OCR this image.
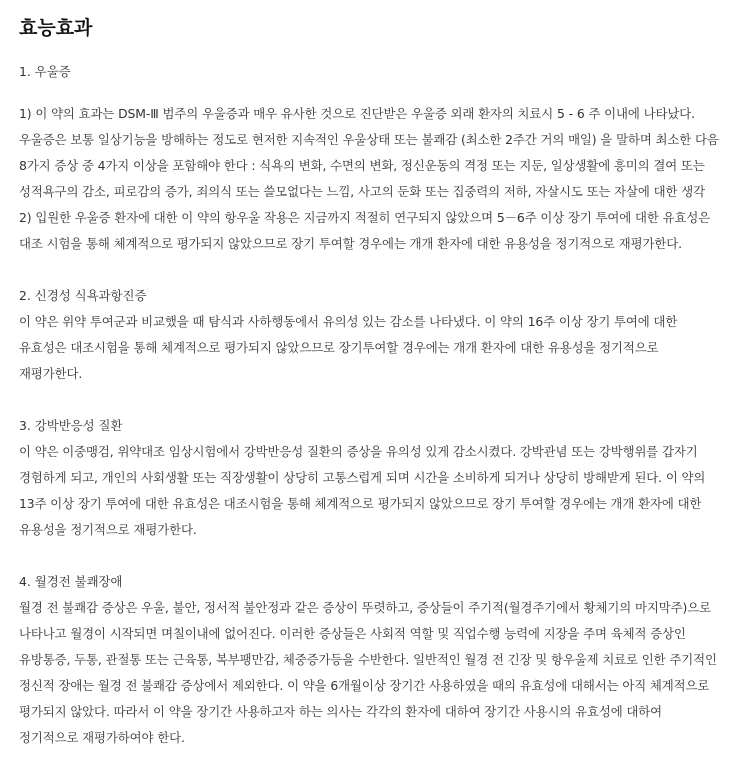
효능효과

1. 우울증

1) 이 약의 효과는 DSM-Ⅲ 범주의 우울증과 매우 유사한 것으로 진단받은 우울증 외래 환자의 치료시 5 - 6 주 이내에 나타났다. 우울증은 보통 일상기능을 방해하는 정도로 현저한 지속적인 우울상태 또는 불쾌감 (최소한 2주간 거의 매일) 을 말하며 최소한 다음 8가지 증상 중 4가지 이상을 포함해야 한다 : 식욕의 변화, 수면의 변화, 정신운동의 격정 또는 지둔, 일상생활에 흥미의 결여 또는 성적욕구의 감소, 피로감의 증가, 죄의식 또는 쓸모없다는 느낌, 사고의 둔화 또는 집중력의 저하, 자살시도 또는 자살에 대한 생각

2) 입원한 우울증 환자에 대한 이 약의 항우울 작용은 지금까지 적절히 연구되지 않았으며 5－6주 이상 장기 투여에 대한 유효성은 대조 시험을 통해 체계적으로 평가되지 않았으므로 장기 투여할 경우에는 개개 환자에 대한 유용성을 정기적으로 재평가한다.

2. 신경성 식욕과항진증

이 약은 위약 투여군과 비교했을 때 탐식과 사하행동에서 유의성 있는 감소를 나타냈다. 이 약의 16주 이상 장기 투여에 대한 유효성은 대조시험을 통해 체계적으로 평가되지 않았으므로 장기투여할 경우에는 개개 환자에 대한 유용성을 정기적으로 재평가한다.

3. 강박반응성 질환

이 약은 이중맹검, 위약대조 임상시험에서 강박반응성 질환의 증상을 유의성 있게 감소시켰다. 강박관념 또는 강박행위를 갑자기 경험하게 되고, 개인의 사회생활 또는 직장생활이 상당히 고통스럽게 되며 시간을 소비하게 되거나 상당히 방해받게 된다. 이 약의 13주 이상 장기 투여에 대한 유효성은 대조시험을 통해 체계적으로 평가되지 않았으므로 장기 투여할 경우에는 개개 환자에 대한 유용성을 정기적으로 재평가한다.

4. 월경전 불쾌장애

월경 전 불쾌감 증상은 우울, 불안, 정서적 불안정과 같은 증상이 뚜렷하고, 증상들이 주기적(월경주기에서 황체기의 마지막주)으로 나타나고 월경이 시작되면 며칠이내에 없어진다. 이러한 증상들은 사회적 역할 및 직업수행 능력에 지장을 주며 육체적 증상인 유방통증, 두통, 관절통 또는 근육통, 복부팽만감, 체중증가등을 수반한다. 일반적인 월경 전 긴장 및 항우울제 치료로 인한 주기적인 정신적 장애는 월경 전 불쾌감 증상에서 제외한다. 이 약을 6개월이상 장기간 사용하였을 때의 유효성에 대해서는 아직 체계적으로 평가되지 않았다. 따라서 이 약을 장기간 사용하고자 하는 의사는 각각의 환자에 대하여 장기간 사용시의 유효성에 대하여 정기적으로 재평가하여야 한다.
